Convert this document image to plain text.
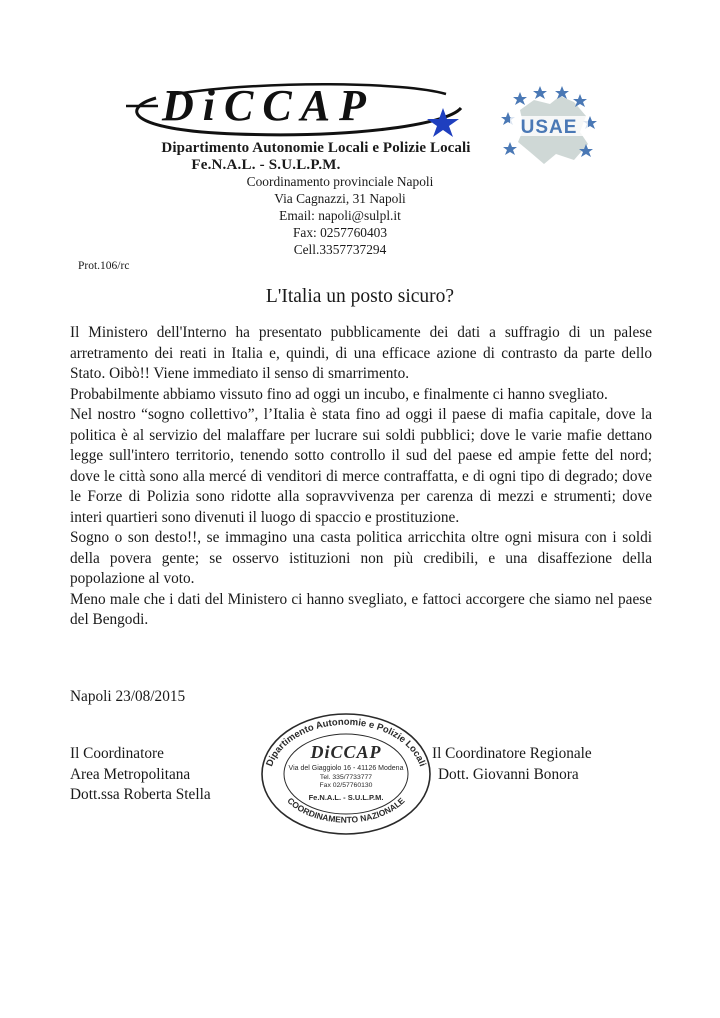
DiCCAP	USAE
Dipartimento Autonomie Locali e Polizie Locali
Fe.N.A.L. - S.U.L.P.M.
Coordinamento provinciale Napoli
Via Cagnazzi, 31 Napoli
Email: napoli@sulpl.it
Fax: 0257760403
Cell.3357737294
Prot.106/rc
L'Italia un posto sicuro?

Il Ministero dell'Interno ha presentato pubblicamente dei dati a suffragio di un palese arretramento dei reati in Italia e, quindi, di una efficace azione di contrasto da parte dello Stato. Oibò!! Viene immediato il senso di smarrimento.

Probabilmente abbiamo vissuto fino ad oggi un incubo, e finalmente ci hanno svegliato.

Nel nostro “sogno collettivo”, l’Italia è stata fino ad oggi il paese di mafia capitale, dove la politica è al servizio del malaffare per lucrare sui soldi pubblici; dove le varie mafie dettano legge sull'intero territorio, tenendo sotto controllo il sud del paese ed ampie fette del nord; dove le città sono alla mercé di venditori di merce contraffatta, e di ogni tipo di degrado; dove le Forze di Polizia sono ridotte alla sopravvivenza per carenza di mezzi e strumenti; dove interi quartieri sono divenuti il luogo di spaccio e prostituzione.

Sogno o son desto!!, se immagino una casta politica arricchita oltre ogni misura con i soldi della povera gente; se osservo istituzioni non più credibili, e una disaffezione della popolazione al voto.

Meno male che i dati del Ministero ci hanno svegliato, e fattoci accorgere che siamo nel paese del Bengodi.

Napoli 23/08/2015
Il Coordinatore
Area Metropolitana
Dott.ssa Roberta Stella
Il Coordinatore Regionale
Dott. Giovanni Bonora
Dipartimento Autonomie e Polizie Locali
DiCCAP
Via del Giaggiolo 16 - 41126 Modena
Tel. 335/7733777
Fax 02/57760130
Fe.N.A.L. - S.U.L.P.M.
COORDINAMENTO NAZIONALE
